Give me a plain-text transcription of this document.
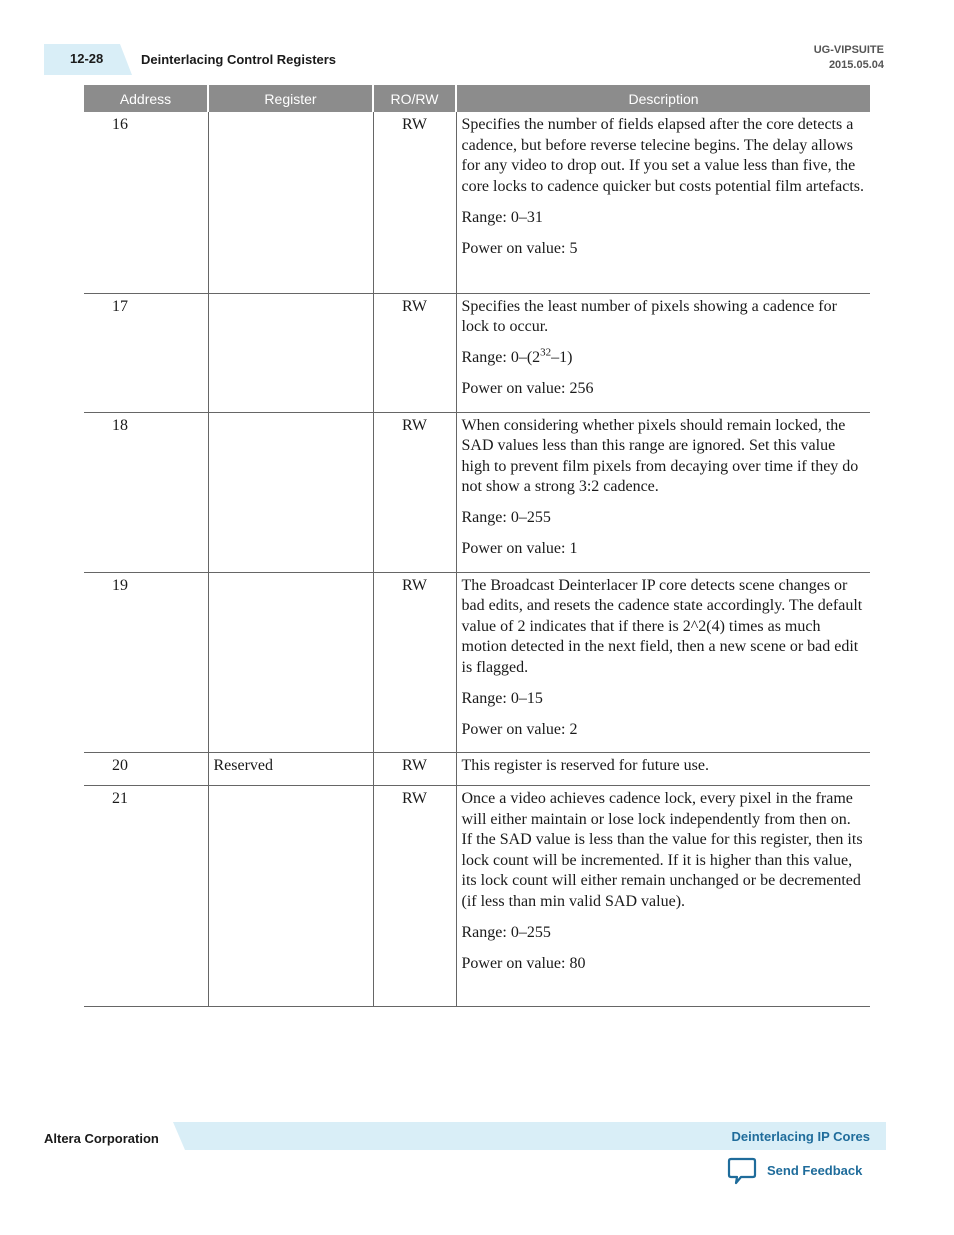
12-28	Deinterlacing Control Registers
UG-VIPSUITE
2015.05.04
Address	Register	RO/RW	Description
16		RW	Specifies the number of fields elapsed after the core detects a cadence, but before reverse telecine begins. The delay allows for any video to drop out. If you set a value less than five, the core locks to cadence quicker but costs potential film artefacts.

Range: 0–31

Power on value: 5

17		RW	Specifies the least number of pixels showing a cadence for lock to occur.

Range: $0-(2^{32}-1)$

Power on value: 256

18		RW	When considering whether pixels should remain locked, the SAD values less than this range are ignored. Set this value high to prevent film pixels from decaying over time if they do not show a strong 3:2 cadence.

Range: 0–255

Power on value: 1

19		RW	The Broadcast Deinterlacer IP core detects scene changes or bad edits, and resets the cadence state accordingly. The default value of 2 indicates that if there is 2^2(4) times as much motion detected in the next field, then a new scene or bad edit is flagged.

Range: 0–15

Power on value: 2

20	Reserved	RW	This register is reserved for future use.

21		RW	Once a video achieves cadence lock, every pixel in the frame will either maintain or lose lock independently from then on. If the SAD value is less than the value for this register, then its lock count will be incremented. If it is higher than this value, its lock count will either remain unchanged or be decremented (if less than min valid SAD value).

Range: 0–255

Power on value: 80

Altera Corporation	Deinterlacing IP Cores
Send Feedback
